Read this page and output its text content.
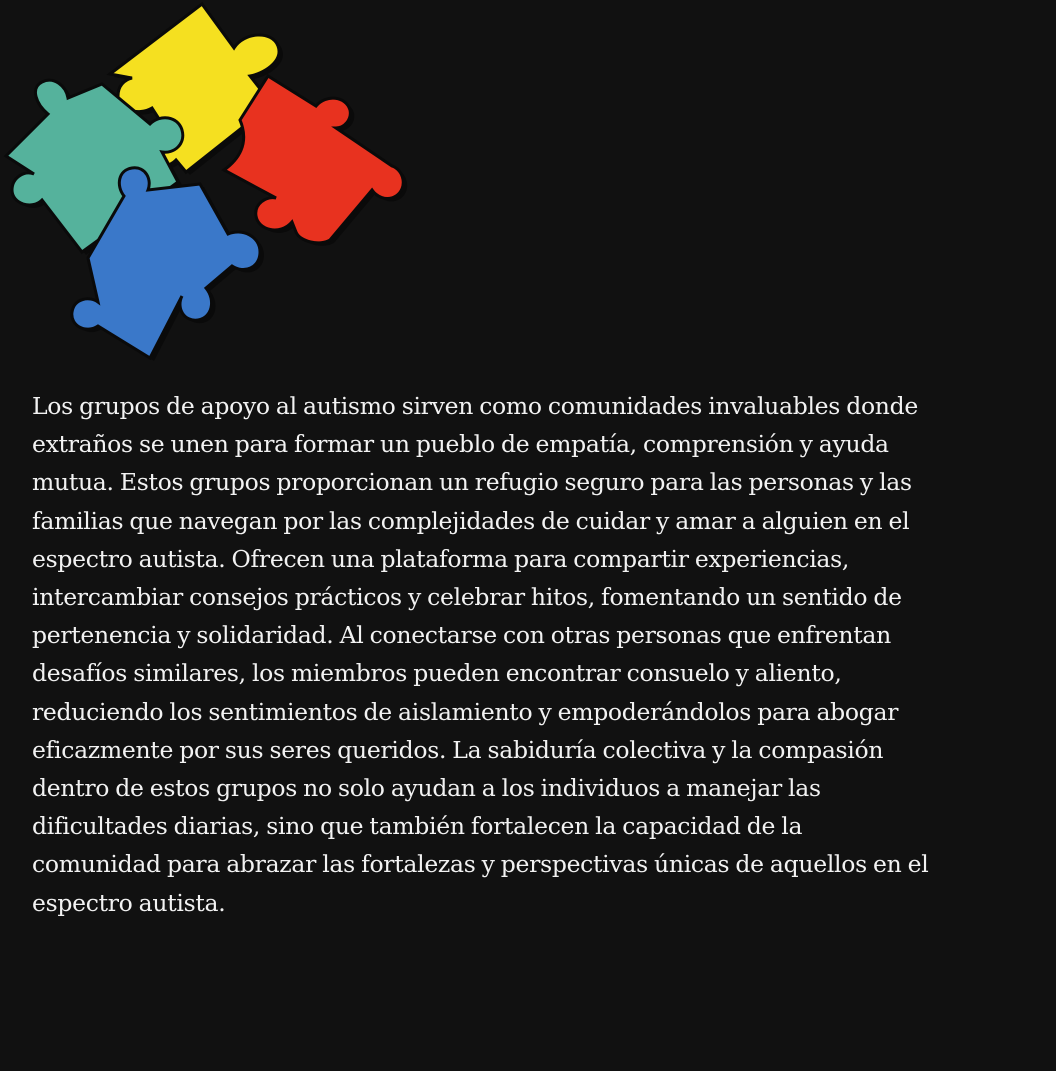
Los grupos de apoyo al autismo sirven como comunidades invaluables donde
extraños se unen para formar un pueblo de empatía, comprensión y ayuda
mutua. Estos grupos proporcionan un refugio seguro para las personas y las
familias que navegan por las complejidades de cuidar y amar a alguien en el
espectro autista. Ofrecen una plataforma para compartir experiencias,
intercambiar consejos prácticos y celebrar hitos, fomentando un sentido de
pertenencia y solidaridad. Al conectarse con otras personas que enfrentan
desafíos similares, los miembros pueden encontrar consuelo y aliento,
reduciendo los sentimientos de aislamiento y empoderándolos para abogar
eficazmente por sus seres queridos. La sabiduría colectiva y la compasión
dentro de estos grupos no solo ayudan a los individuos a manejar las
dificultades diarias, sino que también fortalecen la capacidad de la
comunidad para abrazar las fortalezas y perspectivas únicas de aquellos en el
espectro autista.
